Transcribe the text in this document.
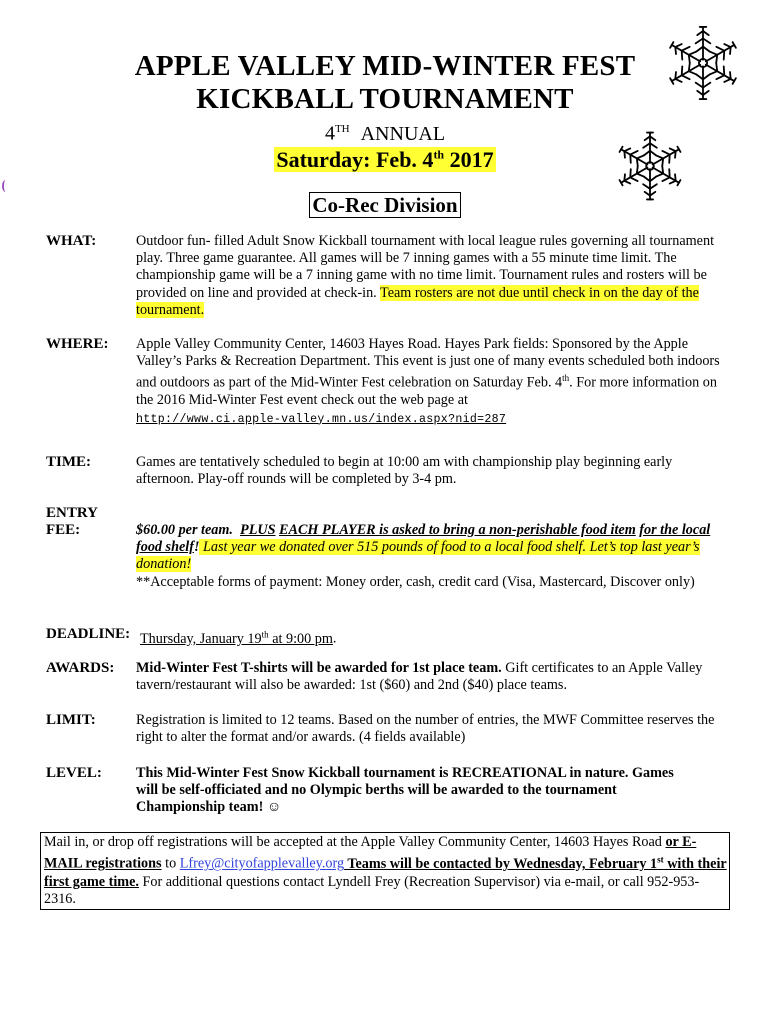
APPLE VALLEY MID-WINTER FEST
KICKBALL TOURNAMENT
4TH ANNUAL
Saturday: Feb. 4th 2017
Co-Rec Division
WHAT:	Outdoor fun- filled Adult Snow Kickball tournament with local league rules governing all tournament play. Three game guarantee. All games will be 7 inning games with a 55 minute time limit. The championship game will be a 7 inning game with no time limit. Tournament rules and rosters will be provided on line and provided at check-in. Team rosters are not due until check in on the day of the tournament.
WHERE: Apple Valley Community Center, 14603 Hayes Road. Hayes Park fields: Sponsored by the Apple Valley’s Parks & Recreation Department. This event is just one of many events scheduled both indoors and outdoors as part of the Mid-Winter Fest celebration on Saturday Feb. 4th. For more information on the 2016 Mid-Winter Fest event check out the web page at
http://www.ci.apple-valley.mn.us/index.aspx?nid=287
TIME:	Games are tentatively scheduled to begin at 10:00 am with championship play beginning early afternoon. Play-off rounds will be completed by 3-4 pm.
ENTRY
FEE:	$60.00 per team. PLUS EACH PLAYER is asked to bring a non-perishable food item for the local food shelf! Last year we donated over 515 pounds of food to a local food shelf. Let’s top last year’s donation!
**Acceptable forms of payment: Money order, cash, credit card (Visa, Mastercard, Discover only)
DEADLINE: Thursday, January 19th at 9:00 pm.
AWARDS: Mid-Winter Fest T-shirts will be awarded for 1st place team. Gift certificates to an Apple Valley tavern/restaurant will also be awarded: 1st ($60) and 2nd ($40) place teams.
LIMIT:	Registration is limited to 12 teams. Based on the number of entries, the MWF Committee reserves the right to alter the format and/or awards. (4 fields available)
LEVEL: This Mid-Winter Fest Snow Kickball tournament is RECREATIONAL in nature. Games will be self-officiated and no Olympic berths will be awarded to the tournament Championship team! ☺
Mail in, or drop off registrations will be accepted at the Apple Valley Community Center, 14603 Hayes Road or E-MAIL registrations to Lfrey@cityofapplevalley.org Teams will be contacted by Wednesday, February 1st with their first game time. For additional questions contact Lyndell Frey (Recreation Supervisor) via e-mail, or call 952-953-2316.
